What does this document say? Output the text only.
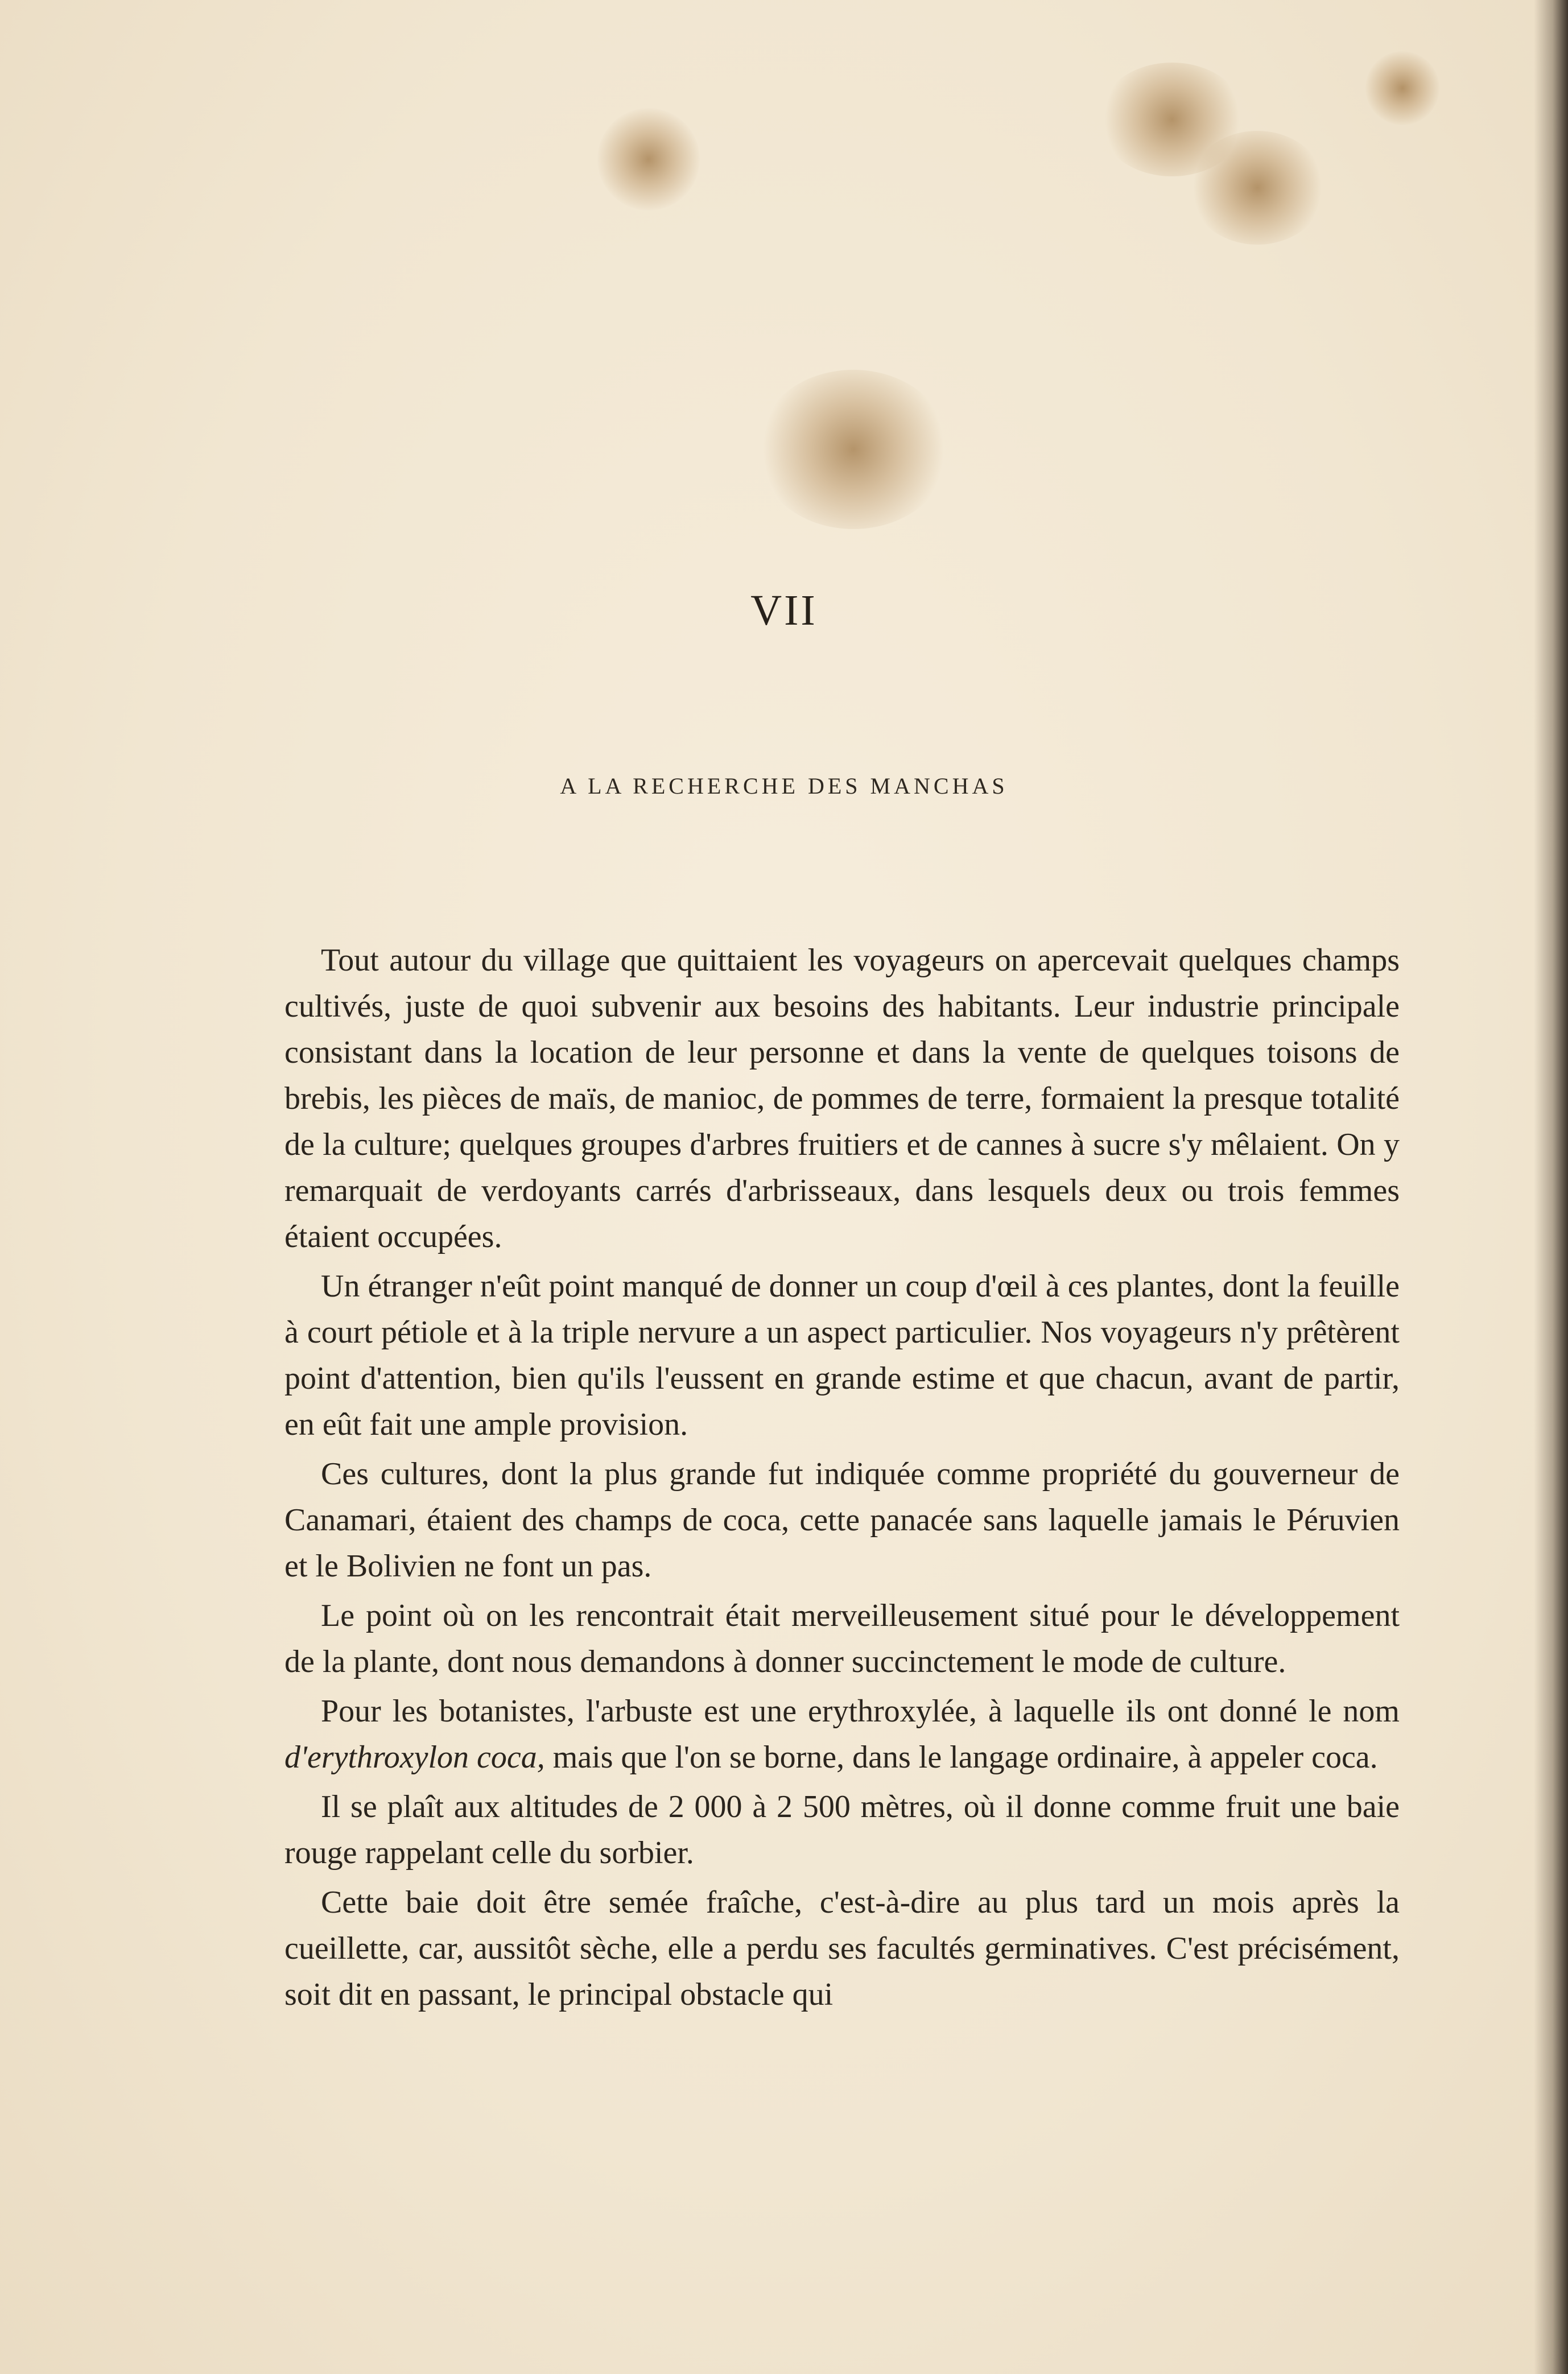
VII
A LA RECHERCHE DES MANCHAS

Tout autour du village que quittaient les voyageurs on apercevait quelques champs cultivés, juste de quoi subvenir aux besoins des habitants. Leur industrie principale consistant dans la location de leur personne et dans la vente de quelques toisons de brebis, les pièces de maïs, de manioc, de pommes de terre, formaient la presque totalité de la culture; quelques groupes d'arbres fruitiers et de cannes à sucre s'y mêlaient. On y remarquait de verdoyants carrés d'arbrisseaux, dans lesquels deux ou trois femmes étaient occupées.

Un étranger n'eût point manqué de donner un coup d'œil à ces plantes, dont la feuille à court pétiole et à la triple nervure a un aspect particulier. Nos voyageurs n'y prêtèrent point d'attention, bien qu'ils l'eussent en grande estime et que chacun, avant de partir, en eût fait une ample provision.

Ces cultures, dont la plus grande fut indiquée comme propriété du gouverneur de Canamari, étaient des champs de coca, cette panacée sans laquelle jamais le Péruvien et le Bolivien ne font un pas.

Le point où on les rencontrait était merveilleusement situé pour le développement de la plante, dont nous demandons à donner succinctement le mode de culture.

Pour les botanistes, l'arbuste est une erythroxylée, à laquelle ils ont donné le nom d'erythroxylon coca, mais que l'on se borne, dans le langage ordinaire, à appeler coca.

Il se plaît aux altitudes de 2 000 à 2 500 mètres, où il donne comme fruit une baie rouge rappelant celle du sorbier.

Cette baie doit être semée fraîche, c'est-à-dire au plus tard un mois après la cueillette, car, aussitôt sèche, elle a perdu ses facultés germinatives. C'est précisément, soit dit en passant, le principal obstacle qui
